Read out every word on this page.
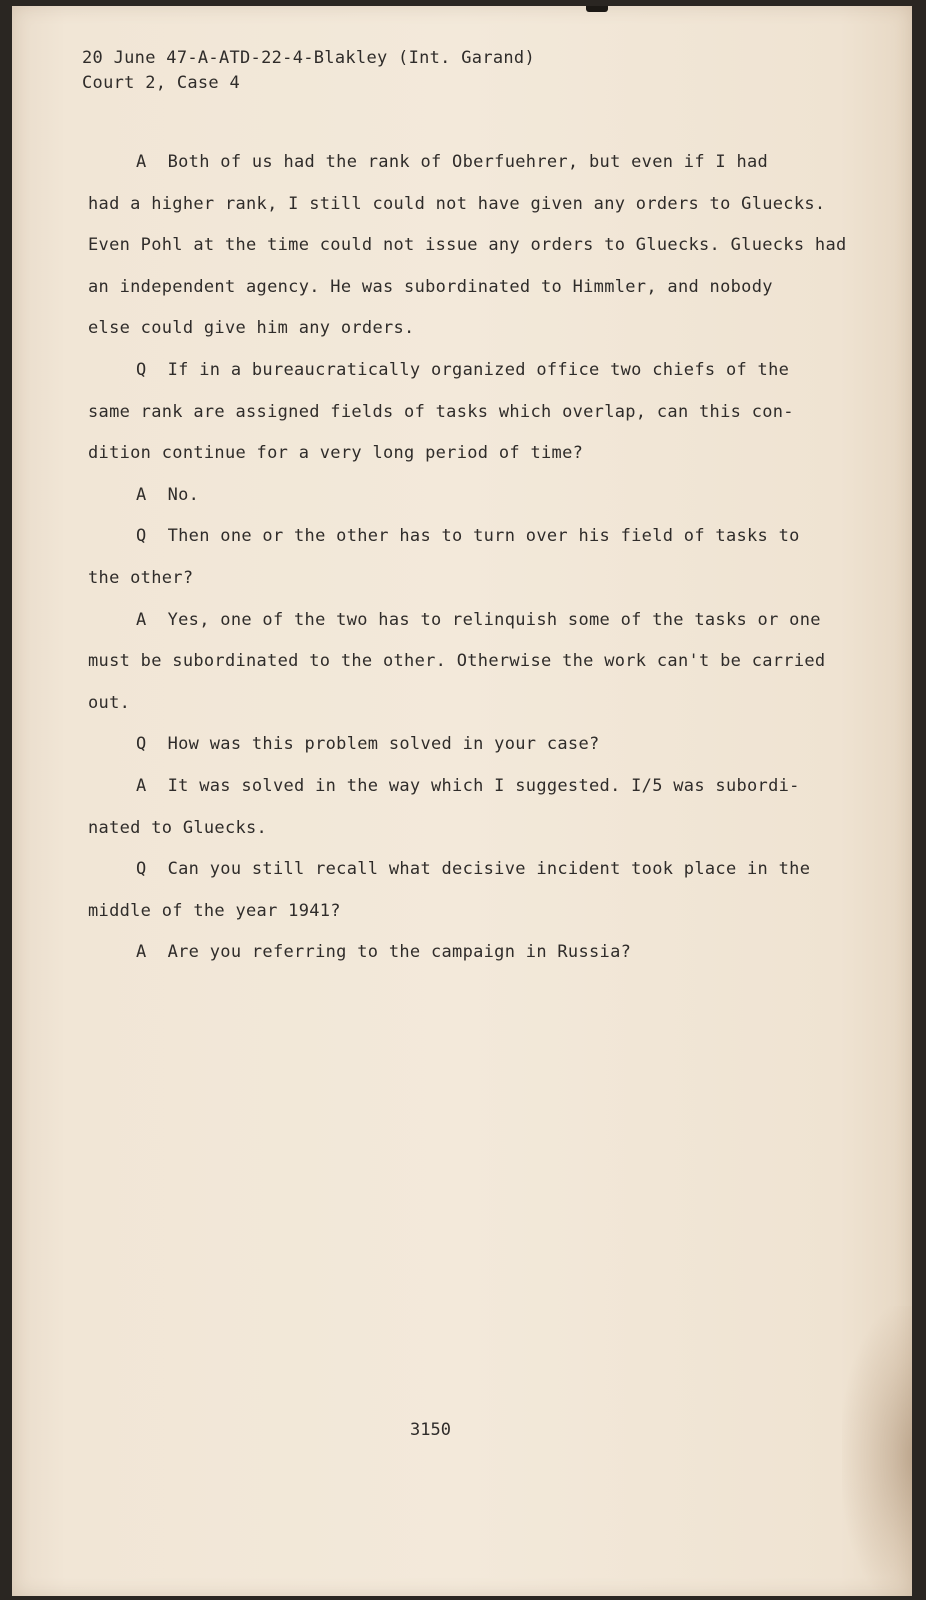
20 June 47-A-ATD-22-4-Blakley (Int. Garand)
Court 2, Case 4
A  Both of us had the rank of Oberfuehrer, but even if I had
had a higher rank, I still could not have given any orders to Gluecks.
Even Pohl at the time could not issue any orders to Gluecks. Gluecks had
an independent agency. He was subordinated to Himmler, and nobody
else could give him any orders.
Q  If in a bureaucratically organized office two chiefs of the
same rank are assigned fields of tasks which overlap, can this con-
dition continue for a very long period of time?
A  No.
Q  Then one or the other has to turn over his field of tasks to
the other?
A  Yes, one of the two has to relinquish some of the tasks or one
must be subordinated to the other. Otherwise the work can't be carried
out.
Q  How was this problem solved in your case?
A  It was solved in the way which I suggested. I/5 was subordi-
nated to Gluecks.
Q  Can you still recall what decisive incident took place in the
middle of the year 1941?
A  Are you referring to the campaign in Russia?
3150
